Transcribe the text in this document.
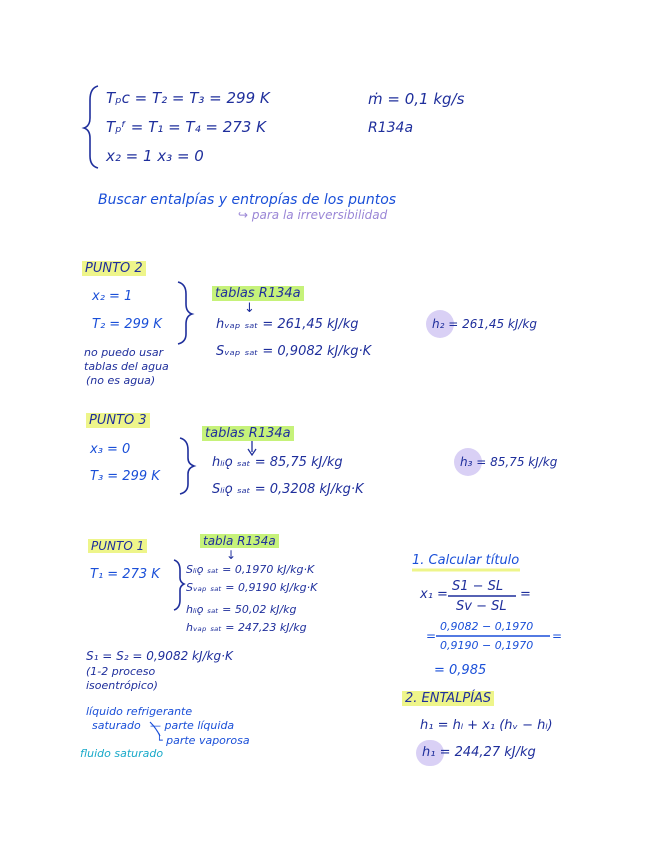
Tₚᴄ = T₂ = T₃ = 299 K
Tₚᶠ = T₁ = T₄ = 273 K
x₂ = 1 x₃ = 0
ṁ = 0,1 kg/s
R134a
Buscar entalpías y entropías de los puntos
↪ para la irreversibilidad
PUNTO 2
x₂ = 1
T₂ = 299 K
tablas R134a
↓
hᵥₐₚ ₛₐₜ = 261,45 kJ/kg
Sᵥₐₚ ₛₐₜ = 0,9082 kJ/kg·K
h₂ = 261,45 kJ/kg
no puedo usar
tablas del agua
(no es agua)
PUNTO 3
x₃ = 0
T₃ = 299 K
tablas R134a
hₗᵢǫ ₛₐₜ = 85,75 kJ/kg
Sₗᵢǫ ₛₐₜ = 0,3208 kJ/kg·K
h₃ = 85,75 kJ/kg
PUNTO 1	tabla R134a
↓
T₁ = 273 K Sₗᵢǫ ₛₐₜ = 0,1970 kJ/kg·K
Sᵥₐₚ ₛₐₜ = 0,9190 kJ/kg·K
hₗᵢǫ ₛₐₜ = 50,02 kJ/kg
hᵥₐₚ ₛₐₜ = 247,23 kJ/kg
S₁ = S₂ = 0,9082 kJ/kg·K
(1-2 proceso
isoentrópico)
líquido refrigerante
saturado — parte líquida
└ parte vaporosa
fluido saturado
1. Calcular título
x₁ =
S1 − SL
Sv − SL
=
=
0,9082 − 0,1970
0,9190 − 0,1970
=
= 0,985
2. ENTALPÍAS
h₁ = hₗ + x₁ (hᵥ − hₗ)
h₁ = 244,27 kJ/kg
